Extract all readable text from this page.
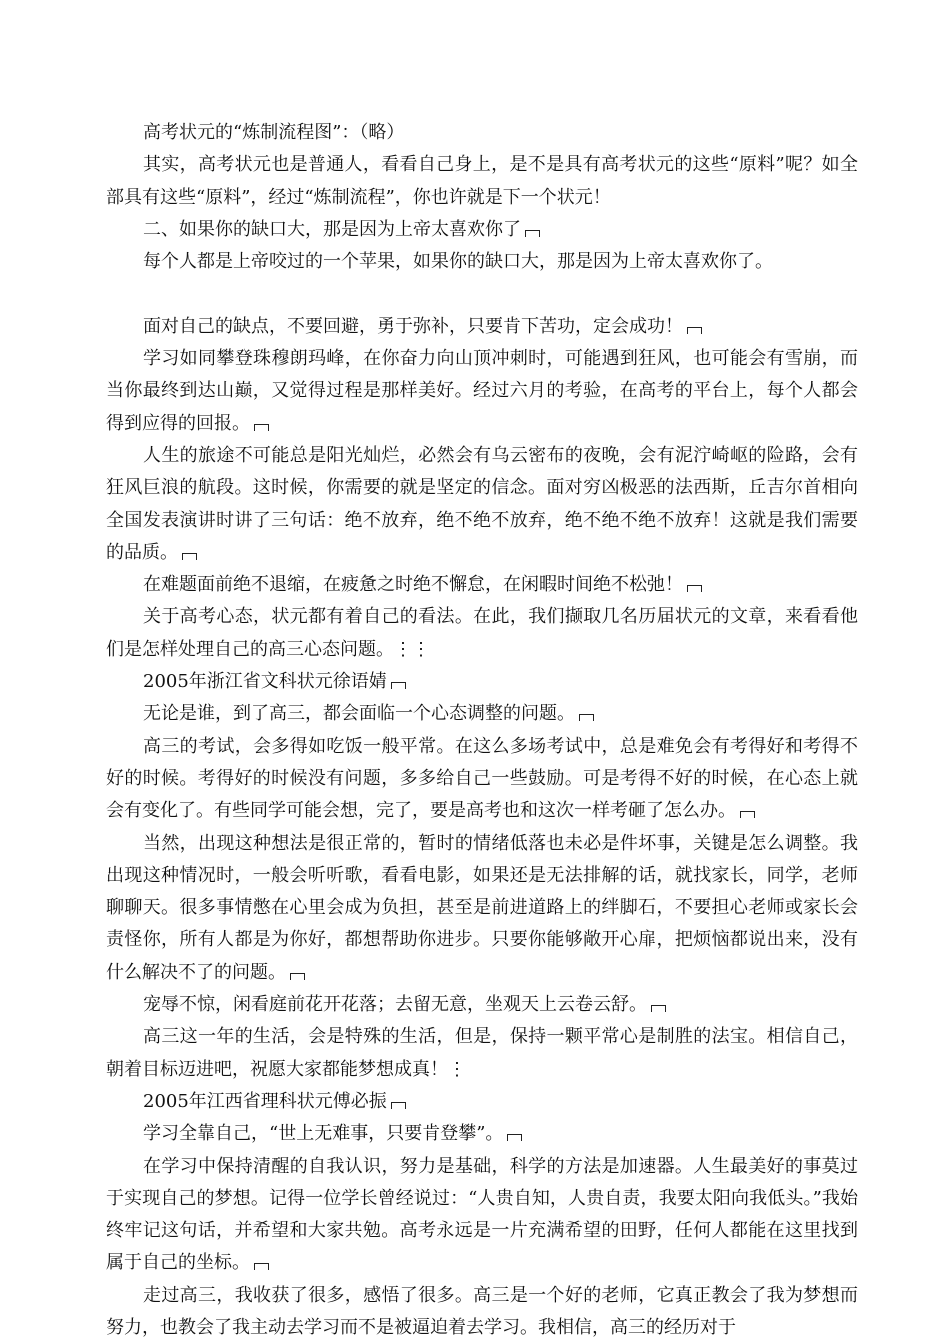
高考状元的“炼制流程图”：（略）

其实，高考状元也是普通人，看看自己身上，是不是具有高考状元的这些“原料”呢？如全部具有这些“原料”，经过“炼制流程”，你也许就是下一个状元！

二、如果你的缺口大，那是因为上帝太喜欢你了

每个人都是上帝咬过的一个苹果，如果你的缺口大，那是因为上帝太喜欢你了。

面对自己的缺点，不要回避，勇于弥补，只要肯下苦功，定会成功！

学习如同攀登珠穆朗玛峰，在你奋力向山顶冲刺时，可能遇到狂风，也可能会有雪崩，而当你最终到达山巅，又觉得过程是那样美好。经过六月的考验，在高考的平台上，每个人都会得到应得的回报。

人生的旅途不可能总是阳光灿烂，必然会有乌云密布的夜晚，会有泥泞崎岖的险路，会有狂风巨浪的航段。这时候，你需要的就是坚定的信念。面对穷凶极恶的法西斯，丘吉尔首相向全国发表演讲时讲了三句话：绝不放弃，绝不绝不放弃，绝不绝不绝不放弃！这就是我们需要的品质。

在难题面前绝不退缩，在疲惫之时绝不懈怠，在闲暇时间绝不松弛！

关于高考心态，状元都有着自己的看法。在此，我们撷取几名历届状元的文章，来看看他们是怎样处理自己的高三心态问题。⋮⋮

2005年浙江省文科状元徐语婧

无论是谁，到了高三，都会面临一个心态调整的问题。

高三的考试，会多得如吃饭一般平常。在这么多场考试中，总是难免会有考得好和考得不好的时候。考得好的时候没有问题，多多给自己一些鼓励。可是考得不好的时候，在心态上就会有变化了。有些同学可能会想，完了，要是高考也和这次一样考砸了怎么办。

当然，出现这种想法是很正常的，暂时的情绪低落也未必是件坏事，关键是怎么调整。我出现这种情况时，一般会听听歌，看看电影，如果还是无法排解的话，就找家长，同学，老师聊聊天。很多事情憋在心里会成为负担，甚至是前进道路上的绊脚石，不要担心老师或家长会责怪你，所有人都是为你好，都想帮助你进步。只要你能够敞开心扉，把烦恼都说出来，没有什么解决不了的问题。

宠辱不惊，闲看庭前花开花落；去留无意，坐观天上云卷云舒。

高三这一年的生活，会是特殊的生活，但是，保持一颗平常心是制胜的法宝。相信自己，朝着目标迈进吧，祝愿大家都能梦想成真！⋮

2005年江西省理科状元傅必振

学习全靠自己，“世上无难事，只要肯登攀”。

在学习中保持清醒的自我认识，努力是基础，科学的方法是加速器。人生最美好的事莫过于实现自己的梦想。记得一位学长曾经说过：“人贵自知，人贵自责，我要太阳向我低头。”我始终牢记这句话，并希望和大家共勉。高考永远是一片充满希望的田野，任何人都能在这里找到属于自己的坐标。

走过高三，我收获了很多，感悟了很多。高三是一个好的老师，它真正教会了我为梦想而努力，也教会了我主动去学习而不是被逼迫着去学习。我相信，高三的经历对于
